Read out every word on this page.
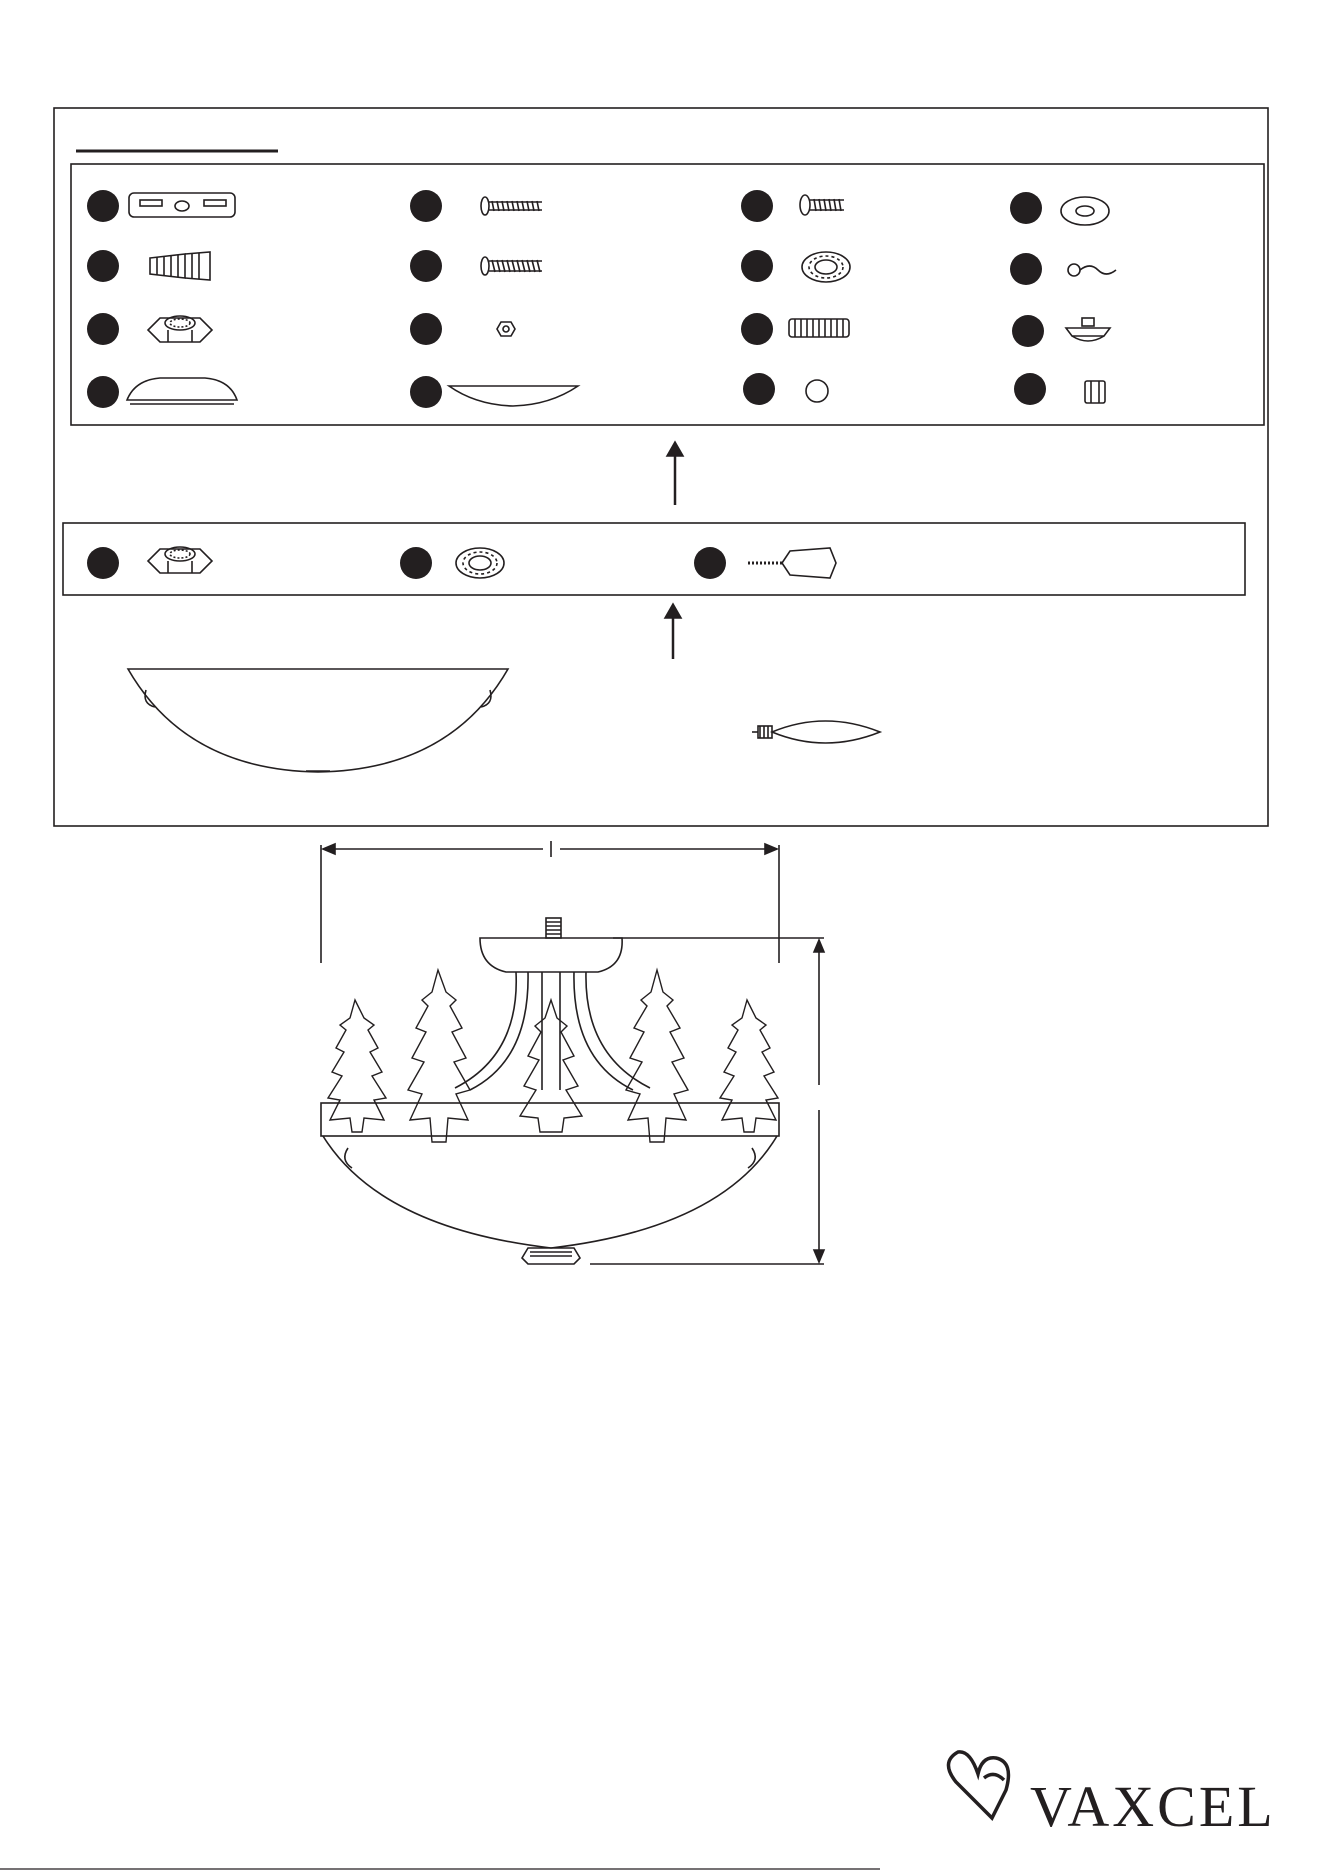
VAXCEL
